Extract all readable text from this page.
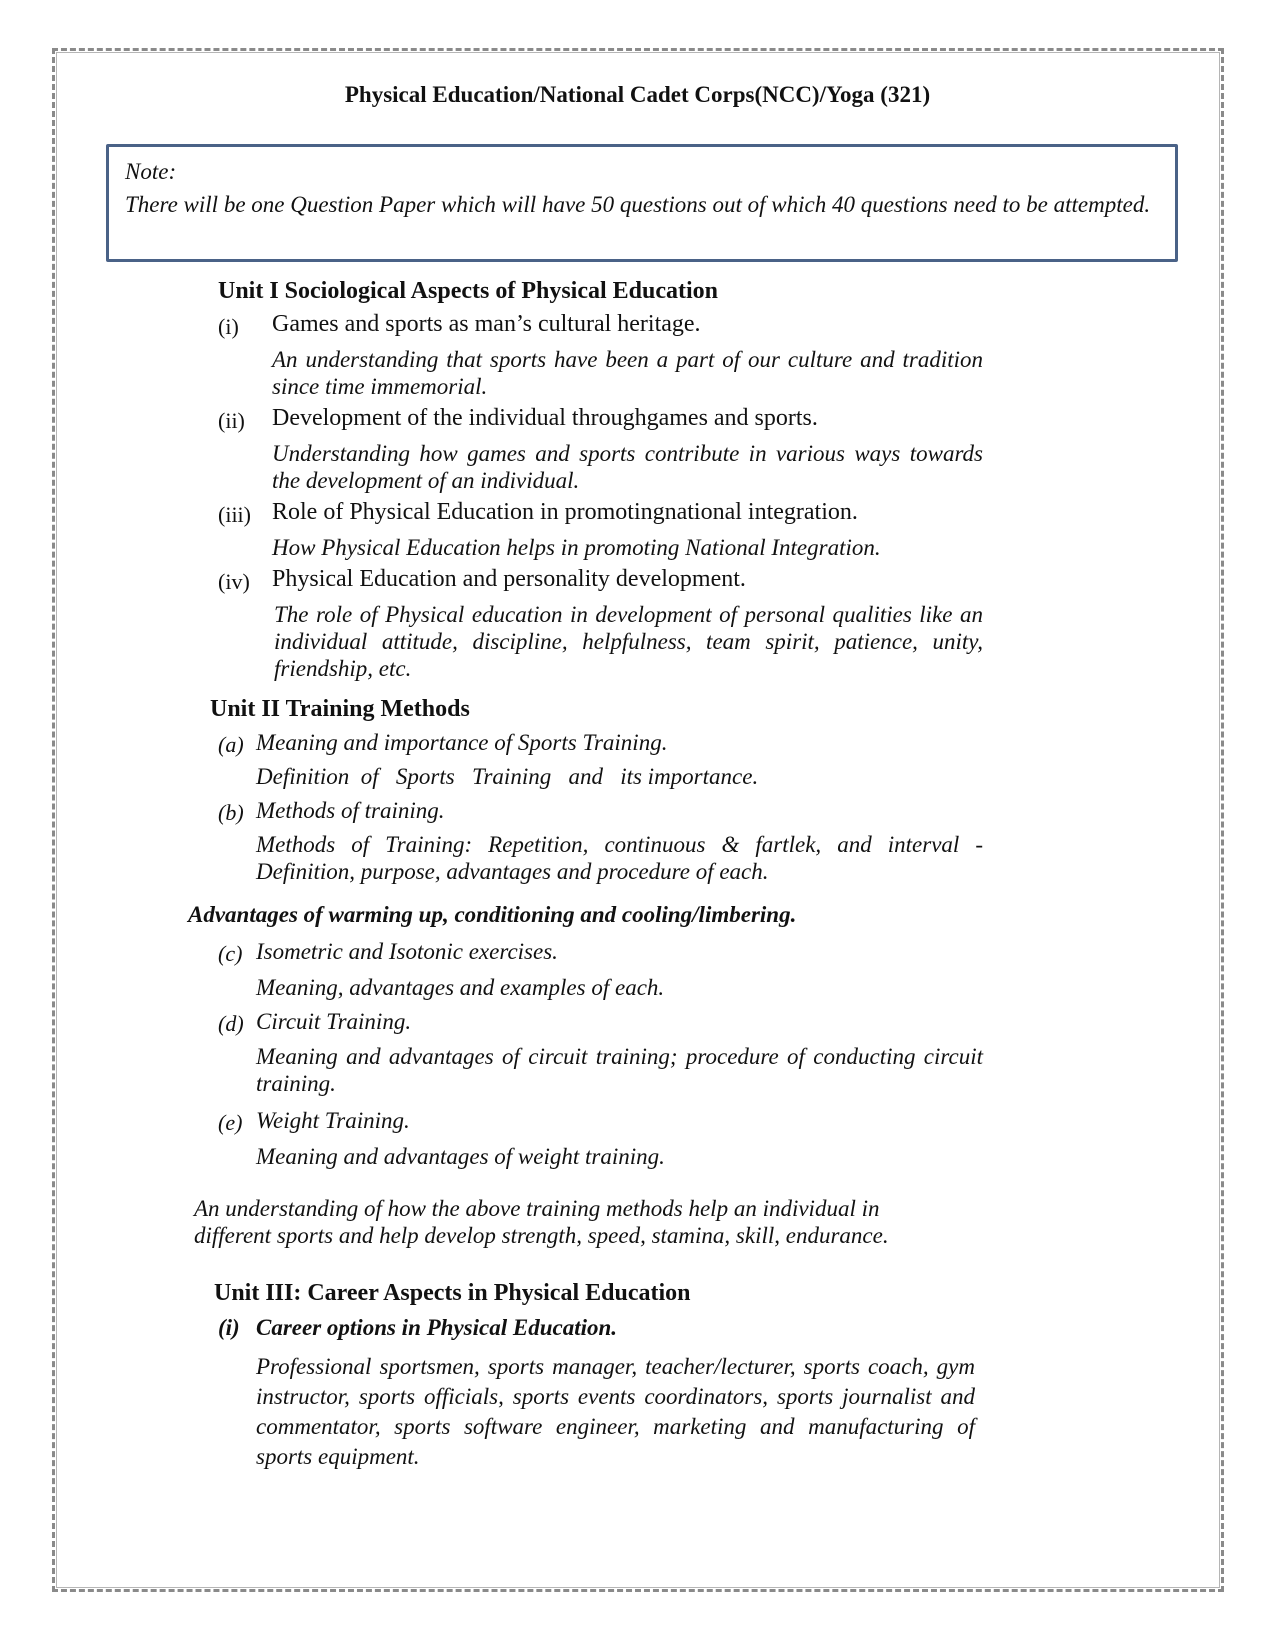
Physical Education/National Cadet Corps(NCC)/Yoga (321)
Note:
There will be one Question Paper which will have 50 questions out of which 40 questions need to be attempted.
Unit I Sociological Aspects of Physical Education
(i) Games and sports as man’s cultural heritage.
An understanding that sports have been a part of our culture and tradition since time immemorial.
(ii) Development of the individual throughgames and sports.
Understanding how games and sports contribute in various ways towards the development of an individual.
(iii) Role of Physical Education in promotingnational integration.
How Physical Education helps in promoting National Integration.
(iv) Physical Education and personality development.
The role of Physical education in development of personal qualities like an individual attitude, discipline, helpfulness, team spirit, patience, unity, friendship, etc.
Unit II Training Methods
(a) Meaning and importance of Sports Training.
Definition  of   Sports   Training   and   its importance.
(b) Methods of training.
Methods of Training: Repetition, continuous & fartlek, and interval - Definition, purpose, advantages and procedure of each.
Advantages of warming up, conditioning and cooling/limbering.
(c) Isometric and Isotonic exercises.
Meaning, advantages and examples of each.
(d) Circuit Training.
Meaning and advantages of circuit training; procedure of conducting circuit training.
(e) Weight Training.
Meaning and advantages of weight training.
An understanding of how the above training methods help an individual in different sports and help develop strength, speed, stamina, skill, endurance.
Unit III: Career Aspects in Physical Education
(i) Career options in Physical Education.
Professional sportsmen, sports manager, teacher/lecturer, sports coach, gym instructor, sports officials, sports events coordinators, sports journalist and commentator, sports software engineer, marketing and manufacturing of sports equipment.
